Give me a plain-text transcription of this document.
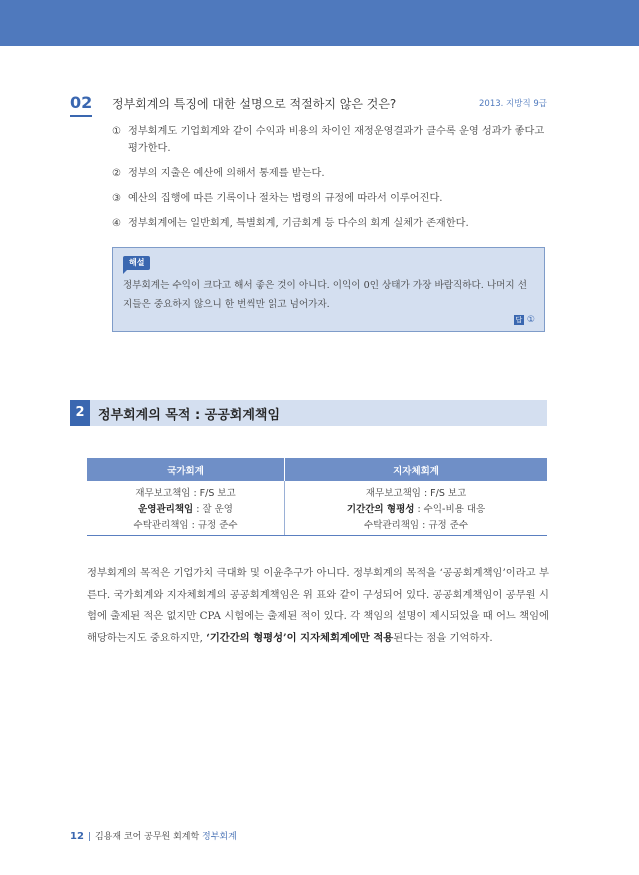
02 정부회계의 특징에 대한 설명으로 적절하지 않은 것은?	2013. 지방직 9급
① 정부회계도 기업회계와 같이 수익과 비용의 차이인 재정운영결과가 클수록 운영 성과가 좋다고 평가한다.
② 정부의 지출은 예산에 의해서 통제를 받는다.
③ 예산의 집행에 따른 기록이나 절차는 법령의 규정에 따라서 이루어진다.
④ 정부회계에는 일반회계, 특별회계, 기금회계 등 다수의 회계 실체가 존재한다.
해설
정부회계는 수익이 크다고 해서 좋은 것이 아니다. 이익이 0인 상태가 가장 바람직하다. 나머지 선지들은 중요하지 않으니 한 번씩만 읽고 넘어가자.
답 ①
2	정부회계의 목적 : 공공회계책임
국가회계	지자체회계
재무보고책임 : F/S 보고	재무보고책임 : F/S 보고
운영관리책임 : 잘 운영	기간간의 형평성 : 수익-비용 대응
수탁관리책임 : 규정 준수	수탁관리책임 : 규정 준수
정부회계의 목적은 기업가치 극대화 및 이윤추구가 아니다. 정부회계의 목적을 ‘공공회계책임’이라고 부른다. 국가회계와 지자체회계의 공공회계책임은 위 표와 같이 구성되어 있다. 공공회계책임이 공무원 시험에 출제된 적은 없지만 CPA 시험에는 출제된 적이 있다. 각 책임의 설명이 제시되었을 때 어느 책임에 해당하는지도 중요하지만, ‘기간간의 형평성’이 지자체회계에만 적용된다는 점을 기억하자.
12 | 김용재 코어 공무원 회계학 정부회계
